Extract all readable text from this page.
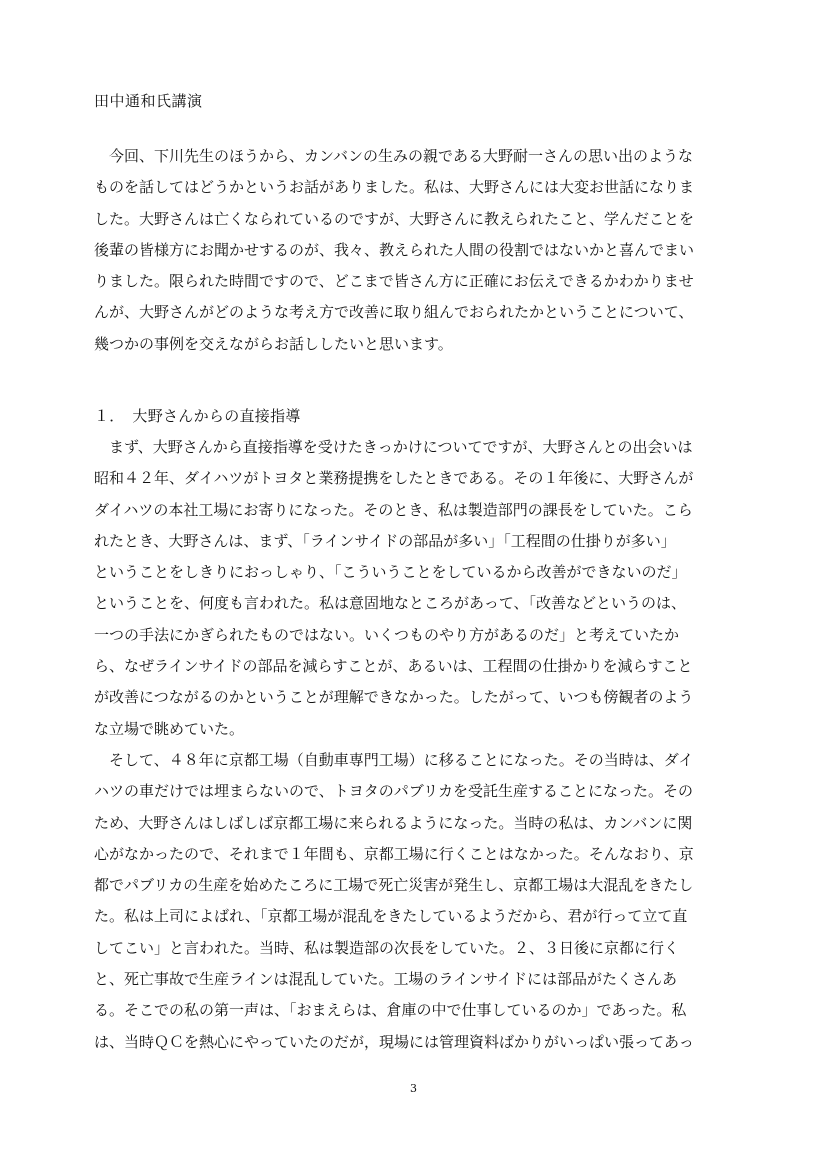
田中通和氏講演

　今回、下川先生のほうから、カンバンの生みの親である大野耐一さんの思い出のような
ものを話してはどうかというお話がありました。私は、大野さんには大変お世話になりま
した。大野さんは亡くなられているのですが、大野さんに教えられたこと、学んだことを
後輩の皆様方にお聞かせするのが、我々、教えられた人間の役割ではないかと喜んでまい
りました。限られた時間ですので、どこまで皆さん方に正確にお伝えできるかわかりませ
んが、大野さんがどのような考え方で改善に取り組んでおられたかということについて、
幾つかの事例を交えながらお話ししたいと思います。

１．　大野さんからの直接指導

　まず、大野さんから直接指導を受けたきっかけについてですが、大野さんとの出会いは
昭和４２年、ダイハツがトヨタと業務提携をしたときである。その１年後に、大野さんが
ダイハツの本社工場にお寄りになった。そのとき、私は製造部門の課長をしていた。こら
れたとき、大野さんは、まず、「ラインサイドの部品が多い」「工程間の仕掛りが多い」
ということをしきりにおっしゃり、「こういうことをしているから改善ができないのだ」
ということを、何度も言われた。私は意固地なところがあって、「改善などというのは、
一つの手法にかぎられたものではない。いくつものやり方があるのだ」と考えていたか
ら、なぜラインサイドの部品を減らすことが、あるいは、工程間の仕掛かりを減らすこと
が改善につながるのかということが理解できなかった。したがって、いつも傍観者のよう
な立場で眺めていた。
　そして、４８年に京都工場（自動車専門工場）に移ることになった。その当時は、ダイ
ハツの車だけでは埋まらないので、トヨタのパブリカを受託生産することになった。その
ため、大野さんはしばしば京都工場に来られるようになった。当時の私は、カンバンに関
心がなかったので、それまで１年間も、京都工場に行くことはなかった。そんなおり、京
都でパブリカの生産を始めたころに工場で死亡災害が発生し、京都工場は大混乱をきたし
た。私は上司によばれ、「京都工場が混乱をきたしているようだから、君が行って立て直
してこい」と言われた。当時、私は製造部の次長をしていた。２、３日後に京都に行く
と、死亡事故で生産ラインは混乱していた。工場のラインサイドには部品がたくさんあ
る。そこでの私の第一声は、「おまえらは、倉庫の中で仕事しているのか」であった。私
は、当時ＱＣを熱心にやっていたのだが，現場には管理資料ばかりがいっぱい張ってあっ

3
